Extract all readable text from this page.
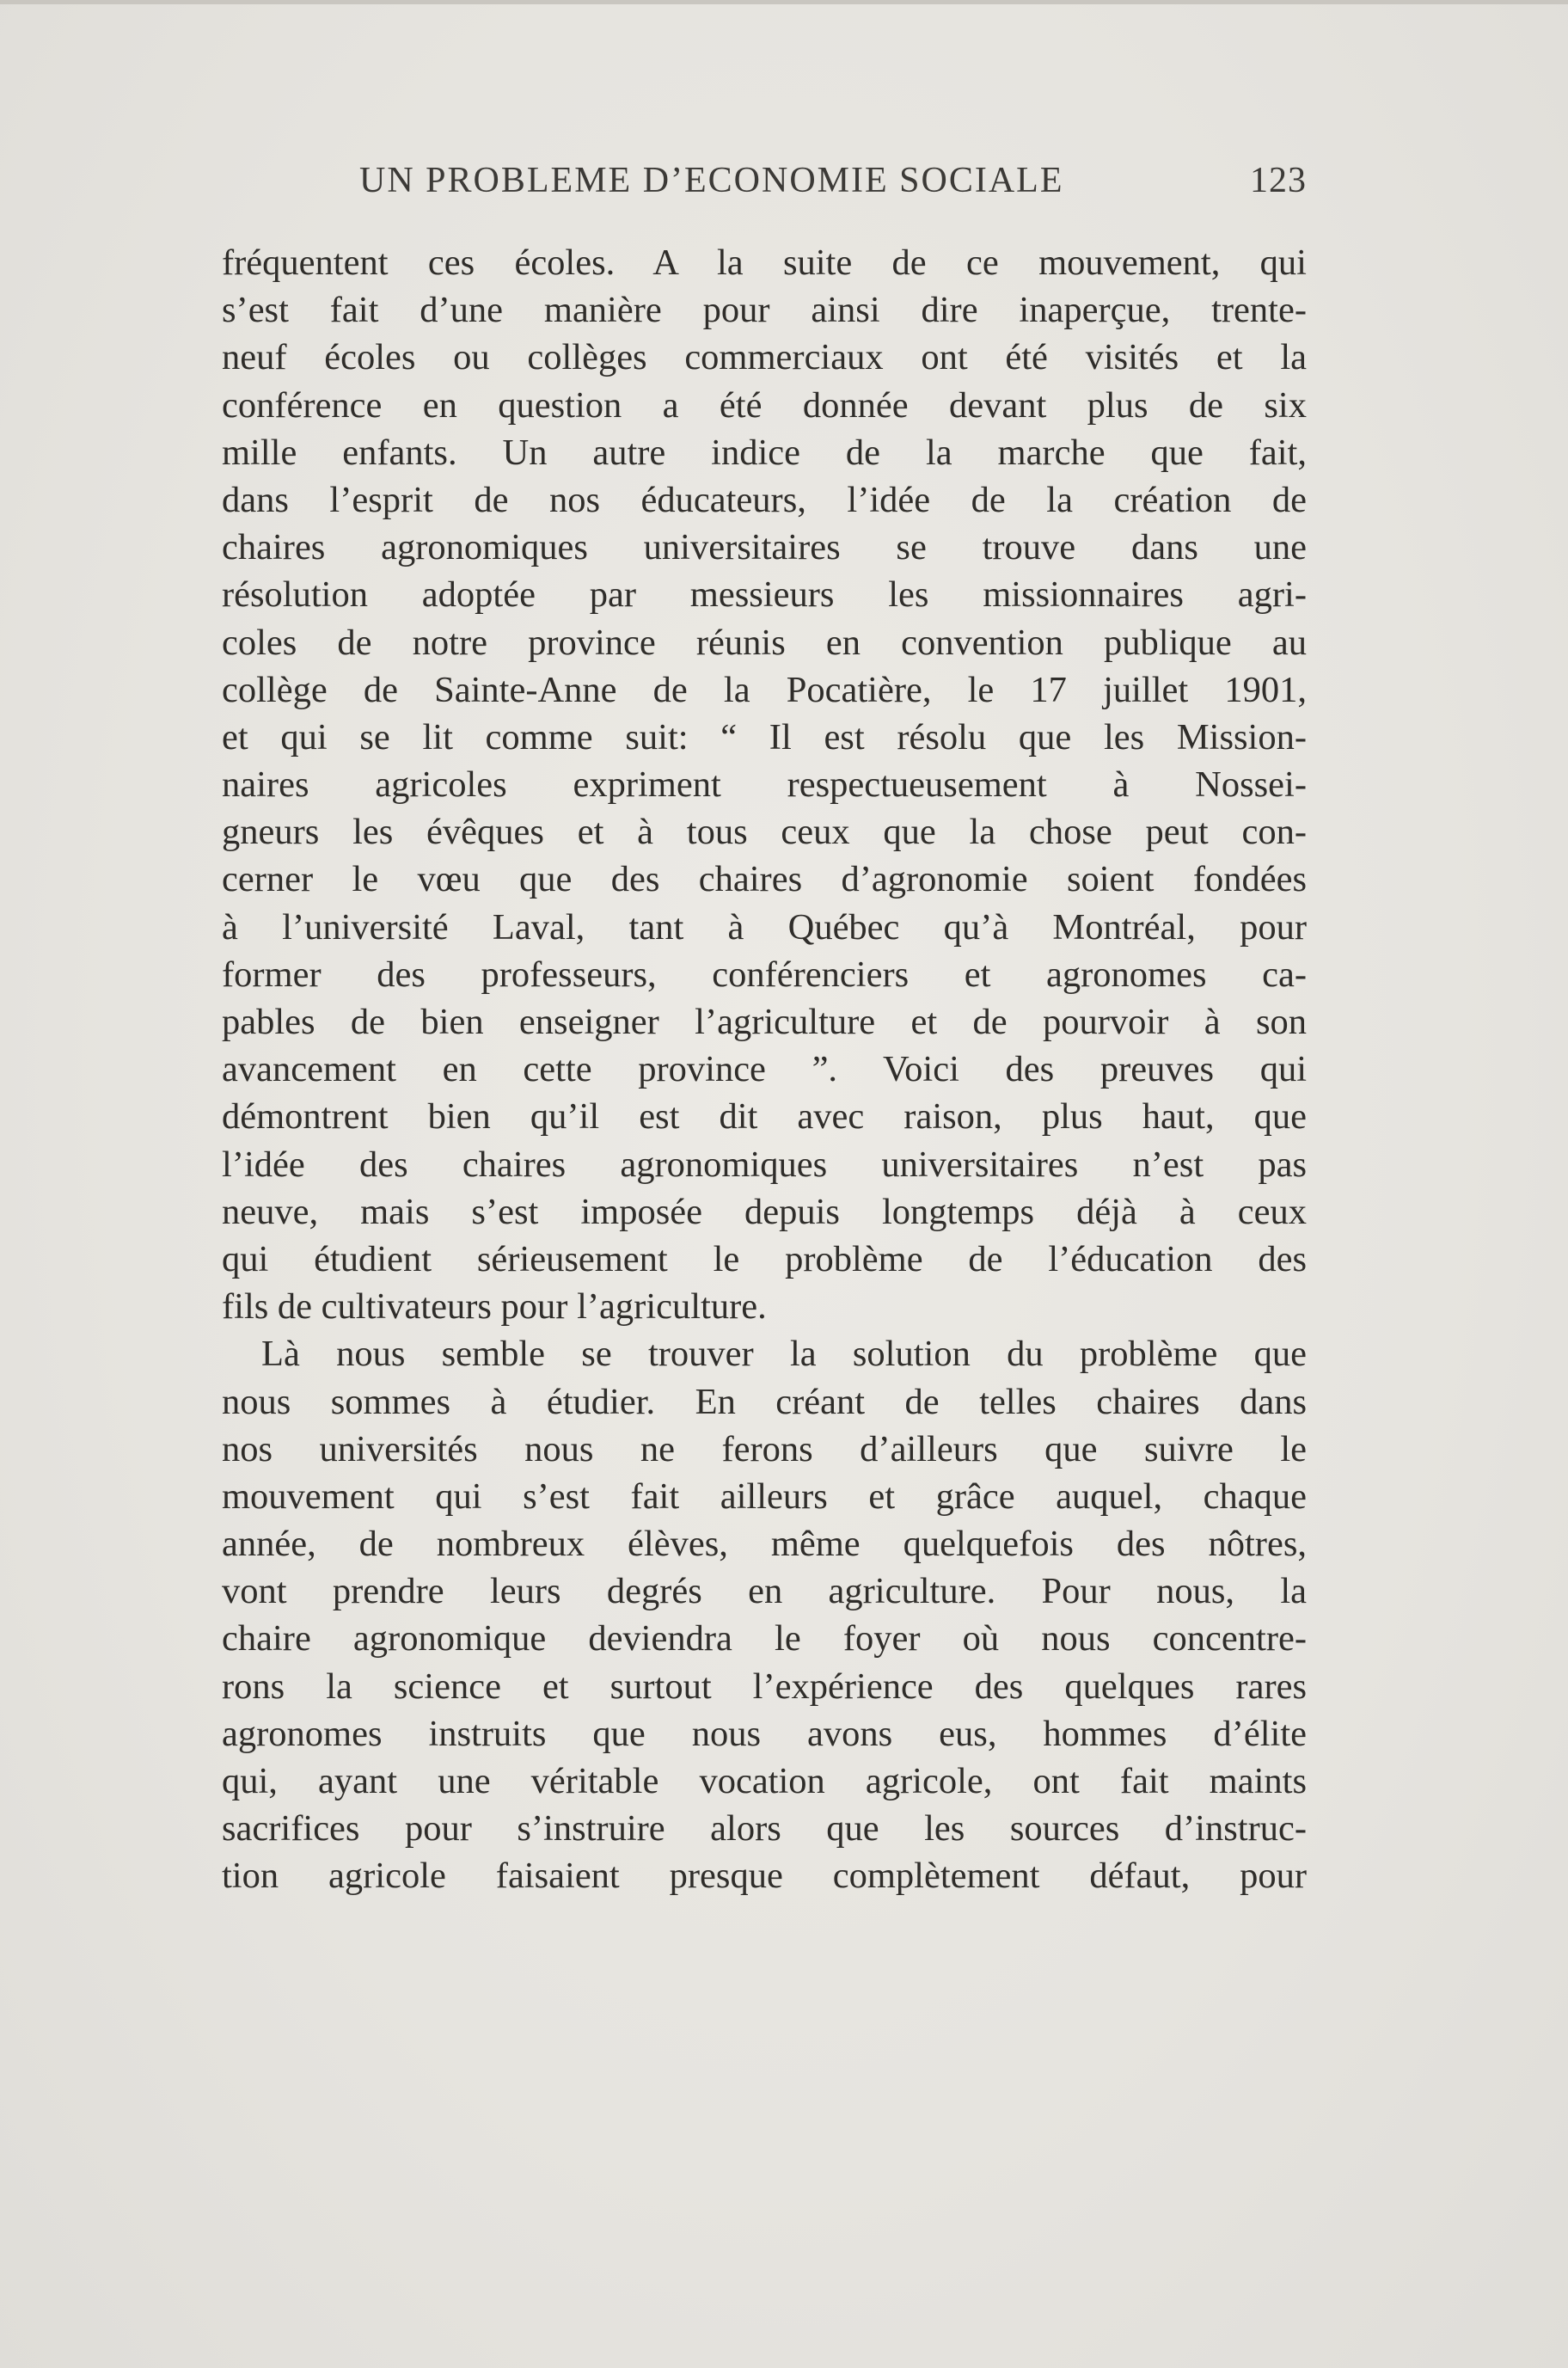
UN PROBLEME D’ECONOMIE SOCIALE	123
fréquentent ces écoles. A la suite de ce mouvement, qui
s’est fait d’une manière pour ainsi dire inaperçue, trente-
neuf écoles ou collèges commerciaux ont été visités et la
conférence en question a été donnée devant plus de six
mille enfants. Un autre indice de la marche que fait,
dans l’esprit de nos éducateurs, l’idée de la création de
chaires agronomiques universitaires se trouve dans une
résolution adoptée par messieurs les missionnaires agri-
coles de notre province réunis en convention publique au
collège de Sainte-Anne de la Pocatière, le 17 juillet 1901,
et qui se lit comme suit: “ Il est résolu que les Mission-
naires agricoles expriment respectueusement à Nossei-
gneurs les évêques et à tous ceux que la chose peut con-
cerner le vœu que des chaires d’agronomie soient fondées
à l’université Laval, tant à Québec qu’à Montréal, pour
former des professeurs, conférenciers et agronomes ca-
pables de bien enseigner l’agriculture et de pourvoir à son
avancement en cette province ”. Voici des preuves qui
démontrent bien qu’il est dit avec raison, plus haut, que
l’idée des chaires agronomiques universitaires n’est pas
neuve, mais s’est imposée depuis longtemps déjà à ceux
qui étudient sérieusement le problème de l’éducation des
fils de cultivateurs pour l’agriculture.
Là nous semble se trouver la solution du problème que
nous sommes à étudier. En créant de telles chaires dans
nos universités nous ne ferons d’ailleurs que suivre le
mouvement qui s’est fait ailleurs et grâce auquel, chaque
année, de nombreux élèves, même quelquefois des nôtres,
vont prendre leurs degrés en agriculture. Pour nous, la
chaire agronomique deviendra le foyer où nous concentre-
rons la science et surtout l’expérience des quelques rares
agronomes instruits que nous avons eus, hommes d’élite
qui, ayant une véritable vocation agricole, ont fait maints
sacrifices pour s’instruire alors que les sources d’instruc-
tion agricole faisaient presque complètement défaut, pour
